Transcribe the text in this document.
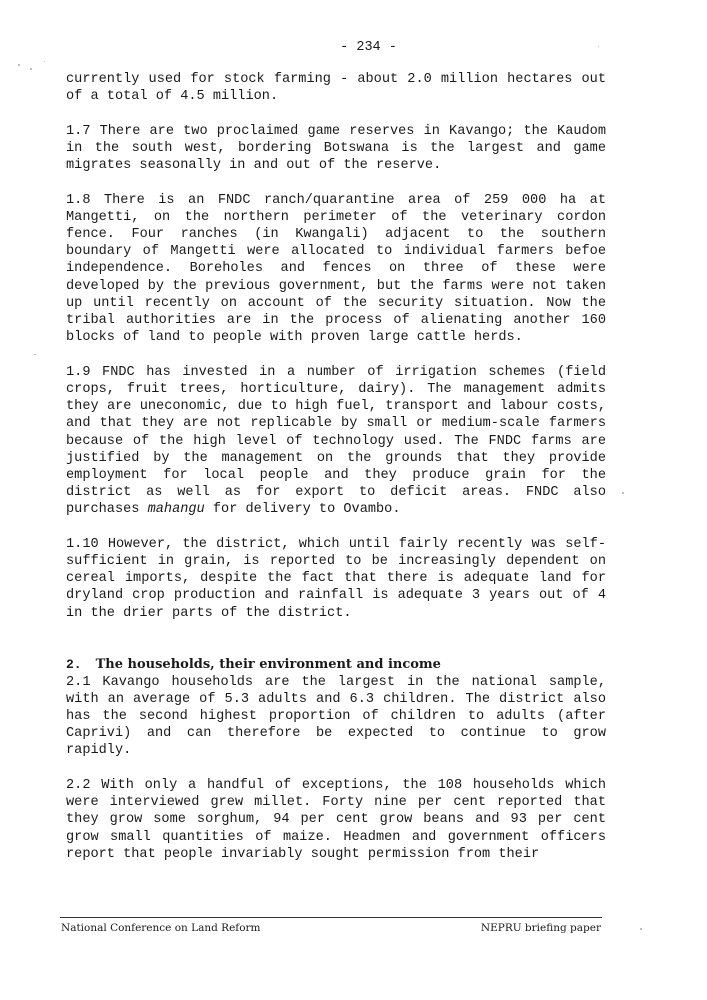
- 234 -

currently used for stock farming - about 2.0 million hectares out of a total of 4.5 million.

1.7 There are two proclaimed game reserves in Kavango; the Kaudom in the south west, bordering Botswana is the largest and game migrates seasonally in and out of the reserve.

1.8 There is an FNDC ranch/quarantine area of 259 000 ha at Mangetti, on the northern perimeter of the veterinary cordon fence. Four ranches (in Kwangali) adjacent to the southern boundary of Mangetti were allocated to individual farmers befoe independence. Boreholes and fences on three of these were developed by the previous government, but the farms were not taken up until recently on account of the security situation. Now the tribal authorities are in the process of alienating another 160 blocks of land to people with proven large cattle herds.

1.9 FNDC has invested in a number of irrigation schemes (field crops, fruit trees, horticulture, dairy). The management admits they are uneconomic, due to high fuel, transport and labour costs, and that they are not replicable by small or medium-scale farmers because of the high level of technology used. The FNDC farms are justified by the management on the grounds that they provide employment for local people and they produce grain for the district as well as for export to deficit areas. FNDC also purchases mahangu for delivery to Ovambo.

1.10 However, the district, which until fairly recently was self-sufficient in grain, is reported to be increasingly dependent on cereal imports, despite the fact that there is adequate land for dryland crop production and rainfall is adequate 3 years out of 4 in the drier parts of the district.

2. The households, their environment and income

2.1 Kavango households are the largest in the national sample, with an average of 5.3 adults and 6.3 children. The district also has the second highest proportion of children to adults (after Caprivi) and can therefore be expected to continue to grow rapidly.

2.2 With only a handful of exceptions, the 108 households which were interviewed grew millet. Forty nine per cent reported that they grow some sorghum, 94 per cent grow beans and 93 per cent grow small quantities of maize. Headmen and government officers report that people invariably sought permission from their

National Conference on Land Reform	NEPRU briefing paper
